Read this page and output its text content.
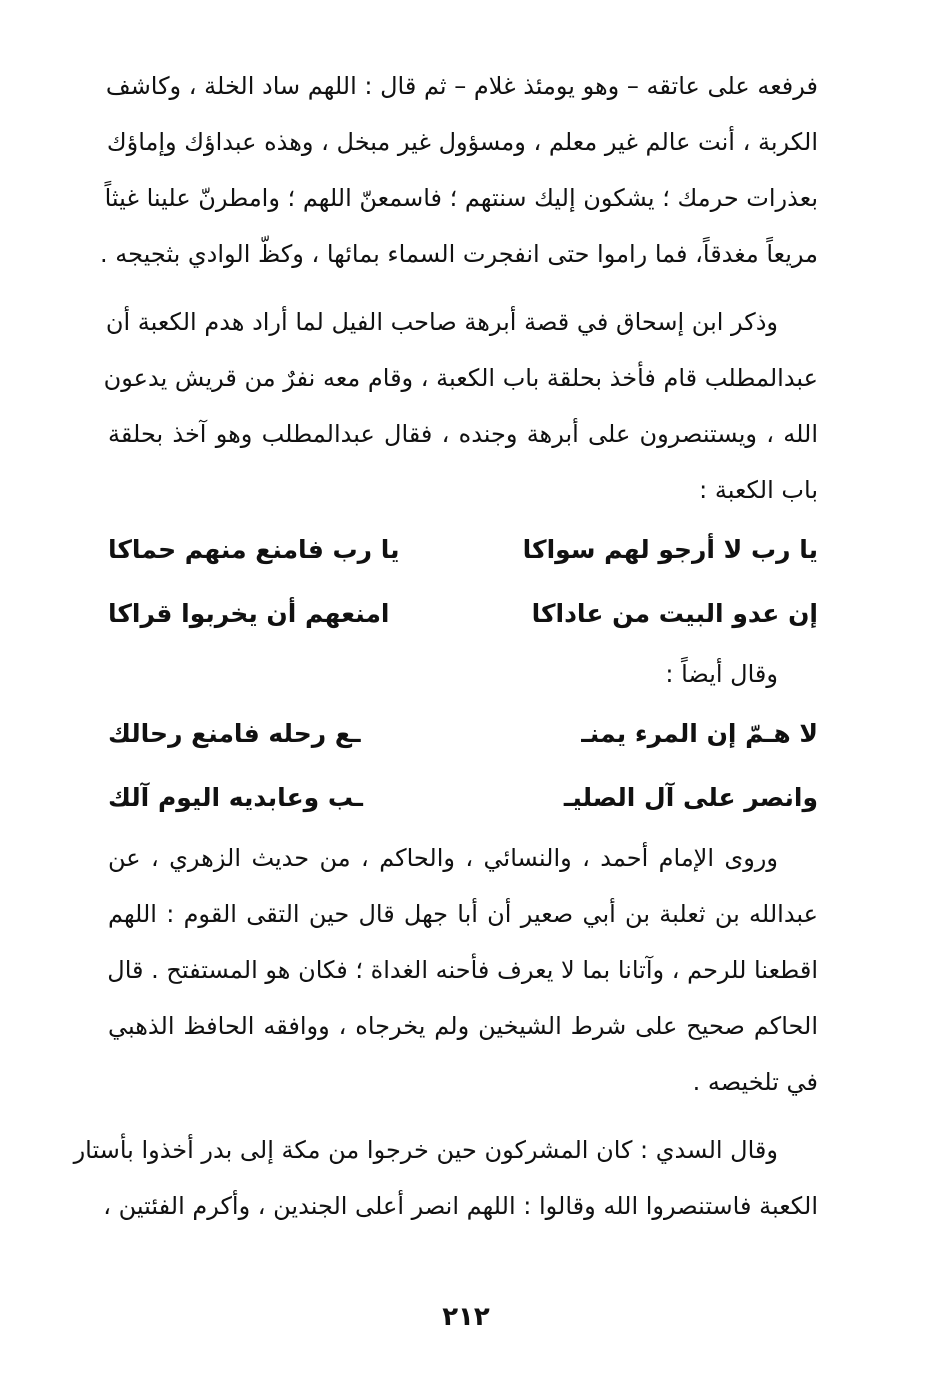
فرفعه على عاتقه – وهو يومئذ غلام – ثم قال : اللهم ساد الخلة ، وكاشف
الكربة ، أنت عالم غير معلم ، ومسؤول غير مبخل ، وهذه عبداؤك وإماؤك
بعذرات حرمك ؛ يشكون إليك سنتهم ؛ فاسمعنّ اللهم ؛ وامطرنّ علينا غيثاً
مريعاً مغدقاً، فما راموا حتى انفجرت السماء بمائها ، وكظّ الوادي بثجيجه .
وذكر ابن إسحاق في قصة أبرهة صاحب الفيل لما أراد هدم الكعبة أن
عبدالمطلب قام فأخذ بحلقة باب الكعبة ، وقام معه نفرٌ من قريش يدعون
الله ، ويستنصرون على أبرهة وجنده ، فقال عبدالمطلب وهو آخذ بحلقة
باب الكعبة :
يا رب لا أرجو لهم سواكا
يا رب فامنع منهم حماكا
إن عدو البيت من عاداكا
امنعهم أن يخربوا قراكا
وقال أيضاً :
لا هـمّ إن المرء يمنـ
ـع رحله فامنع رحالك
وانصر على آل الصليـ
ـب وعابديه اليوم آلك
وروى الإمام أحمد ، والنسائي ، والحاكم ، من حديث الزهري ، عن
عبدالله بن ثعلبة بن أبي صعير أن أبا جهل قال حين التقى القوم : اللهم
اقطعنا للرحم ، وآتانا بما لا يعرف فأحنه الغداة ؛ فكان هو المستفتح . قال
الحاكم صحيح على شرط الشيخين ولم يخرجاه ، ووافقه الحافظ الذهبي
في تلخيصه .
وقال السدي : كان المشركون حين خرجوا من مكة إلى بدر أخذوا بأستار
الكعبة فاستنصروا الله وقالوا : اللهم انصر أعلى الجندين ، وأكرم الفئتين ،
٢١٢
